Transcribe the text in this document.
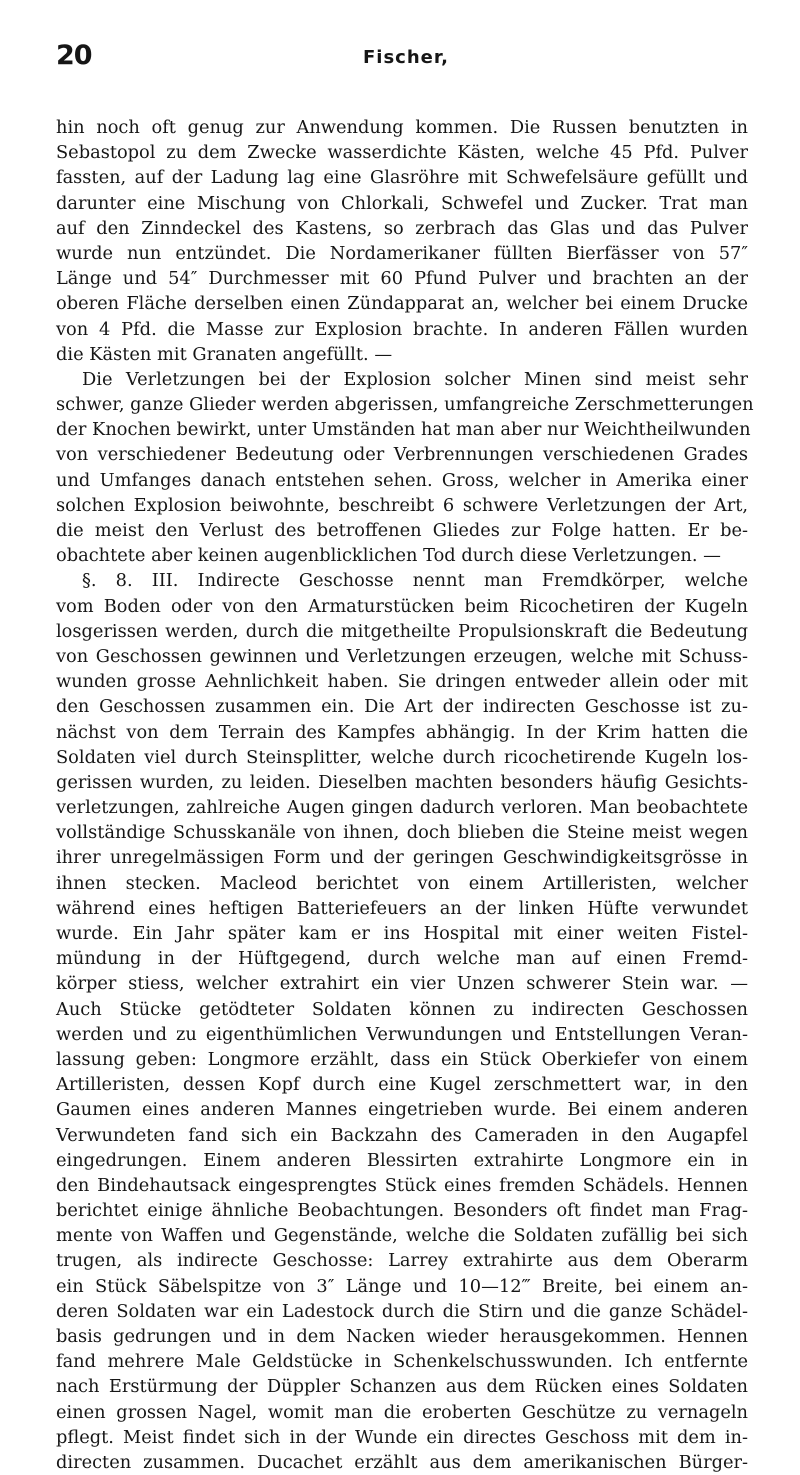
20	Fischer,
hin noch oft genug zur Anwendung kommen. Die Russen benutzten in
Sebastopol zu dem Zwecke wasserdichte Kästen, welche 45 Pfd. Pulver
fassten, auf der Ladung lag eine Glasröhre mit Schwefelsäure gefüllt und
darunter eine Mischung von Chlorkali, Schwefel und Zucker. Trat man
auf den Zinndeckel des Kastens, so zerbrach das Glas und das Pulver
wurde nun entzündet. Die Nordamerikaner füllten Bierfässer von 57″
Länge und 54″ Durchmesser mit 60 Pfund Pulver und brachten an der
oberen Fläche derselben einen Zündapparat an, welcher bei einem Drucke
von 4 Pfd. die Masse zur Explosion brachte. In anderen Fällen wurden
die Kästen mit Granaten angefüllt. —
Die Verletzungen bei der Explosion solcher Minen sind meist sehr
schwer, ganze Glieder werden abgerissen, umfangreiche Zerschmetterungen
der Knochen bewirkt, unter Umständen hat man aber nur Weichtheilwunden
von verschiedener Bedeutung oder Verbrennungen verschiedenen Grades
und Umfanges danach entstehen sehen. Gross, welcher in Amerika einer
solchen Explosion beiwohnte, beschreibt 6 schwere Verletzungen der Art,
die meist den Verlust des betroffenen Gliedes zur Folge hatten. Er be-
obachtete aber keinen augenblicklichen Tod durch diese Verletzungen. —
§. 8. III. Indirecte Geschosse nennt man Fremdkörper, welche
vom Boden oder von den Armaturstücken beim Ricochetiren der Kugeln
losgerissen werden, durch die mitgetheilte Propulsionskraft die Bedeutung
von Geschossen gewinnen und Verletzungen erzeugen, welche mit Schuss-
wunden grosse Aehnlichkeit haben. Sie dringen entweder allein oder mit
den Geschossen zusammen ein. Die Art der indirecten Geschosse ist zu-
nächst von dem Terrain des Kampfes abhängig. In der Krim hatten die
Soldaten viel durch Steinsplitter, welche durch ricochetirende Kugeln los-
gerissen wurden, zu leiden. Dieselben machten besonders häufig Gesichts-
verletzungen, zahlreiche Augen gingen dadurch verloren. Man beobachtete
vollständige Schusskanäle von ihnen, doch blieben die Steine meist wegen
ihrer unregelmässigen Form und der geringen Geschwindigkeitsgrösse in
ihnen stecken. Macleod berichtet von einem Artilleristen, welcher
während eines heftigen Batteriefeuers an der linken Hüfte verwundet
wurde. Ein Jahr später kam er ins Hospital mit einer weiten Fistel-
mündung in der Hüftgegend, durch welche man auf einen Fremd-
körper stiess, welcher extrahirt ein vier Unzen schwerer Stein war. —
Auch Stücke getödteter Soldaten können zu indirecten Geschossen
werden und zu eigenthümlichen Verwundungen und Entstellungen Veran-
lassung geben: Longmore erzählt, dass ein Stück Oberkiefer von einem
Artilleristen, dessen Kopf durch eine Kugel zerschmettert war, in den
Gaumen eines anderen Mannes eingetrieben wurde. Bei einem anderen
Verwundeten fand sich ein Backzahn des Cameraden in den Augapfel
eingedrungen. Einem anderen Blessirten extrahirte Longmore ein in
den Bindehautsack eingesprengtes Stück eines fremden Schädels. Hennen
berichtet einige ähnliche Beobachtungen. Besonders oft findet man Frag-
mente von Waffen und Gegenstände, welche die Soldaten zufällig bei sich
trugen, als indirecte Geschosse: Larrey extrahirte aus dem Oberarm
ein Stück Säbelspitze von 3″ Länge und 10—12‴ Breite, bei einem an-
deren Soldaten war ein Ladestock durch die Stirn und die ganze Schädel-
basis gedrungen und in dem Nacken wieder herausgekommen. Hennen
fand mehrere Male Geldstücke in Schenkelschusswunden. Ich entfernte
nach Erstürmung der Düppler Schanzen aus dem Rücken eines Soldaten
einen grossen Nagel, womit man die eroberten Geschütze zu vernageln
pflegt. Meist findet sich in der Wunde ein directes Geschoss mit dem in-
directen zusammen. Ducachet erzählt aus dem amerikanischen Bürger-
